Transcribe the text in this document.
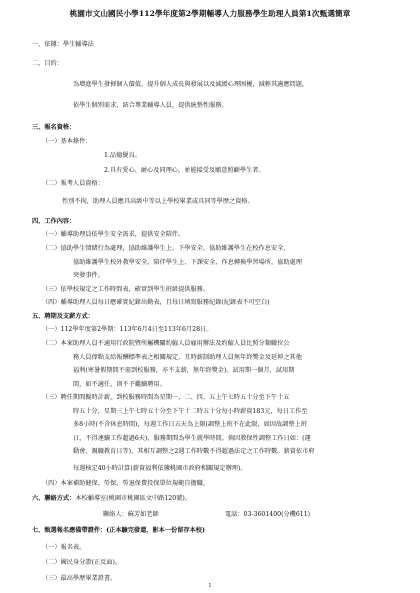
桃園市文山國民小學112學年度第2學期輔導人力服務學生助理人員第1次甄選簡章
一、依據：學生輔導法
二、目的：
為增進學生發揮個人價值，提升個人成長與發展以及減緩心理困擾，減輕其適應問題，
依學生個別需求，結合專業輔導人員，提供統整性服務。
三、報名資格：
（一）基本條件：
1.品德優良。
2.具有愛心、耐心及同理心，並能接受及願意照顧學生者。
（二）報考人員資格：
性別不拘，助理人員應具高級中等以上學校畢業或具同等學歷之資格。
四、工作內容：
（一）輔導助理員依學生安全需求，提供安全陪伴。
（二）協助學生情緒行為處理，協助維護學生上、下學安全，協助維護學生在校作息安全，
協助維護學生校外教學安全，陪伴學生上、下課安全、作息轉換學習場所，協助處理
突發事件。
（三）依學校規定之工作時間表，確實到學生班級提供服務。
（四）輔導助理人員每日應確實紀錄出勤表，且每日填寫服務紀錄(紀錄表不可空白)
五、聘期及支薪方式：
（一）112學年度第2學期：113年6月4日至113年6月28日。
（二）本案助理人員不適用行政院暨所屬機關約僱人員雇用辦法及約僱人員比照分類職位公
務人員俸點支給報酬標準表之相關規定，且時薪制助理人員無年終獎金及延伸之其他
福利(寒暑假期間不需到校服務，亦不支薪，無年終獎金)。試用期一個月，試用期
間，如不適任，則不予繼續聘用。
（三）聘任期間擬時計薪，到校服務時間為星期一、二、四、五上午七時五十分至下午十五
時五十分，星期三上午七時五十分至下午十二時五十分每小時薪資183元，每日工作至
多8小時(不含休息時間)，每週工作日五天為上限(調整上班不在此限，如因故調整上班
日，不得連續工作超過6天)，服務期間為學生就學時間。倘因教保性調整工作日如：(運
動會、親職教育日等)，其相互調整之2週工作時數不得超過法定之工作時數。薪資依市府
每週核定40小時計算(薪資福利依據桃園市政府相關規定辦理)。
（四）本案補助健保、勞保、勞退保費投保單位規範自擔職。
六、聯絡方式：本校輔導室(桃園市桃園區文中路120號)。
聯絡人：蘇芳如老師	電話：03-3601400(分機611)
七、甄選報名應備帶證件：(正本驗完發還，影本一份留存本校)
（一）報名表。
（二）國民身分證(正反面)。
（三）最高學歷畢業證書。
1
